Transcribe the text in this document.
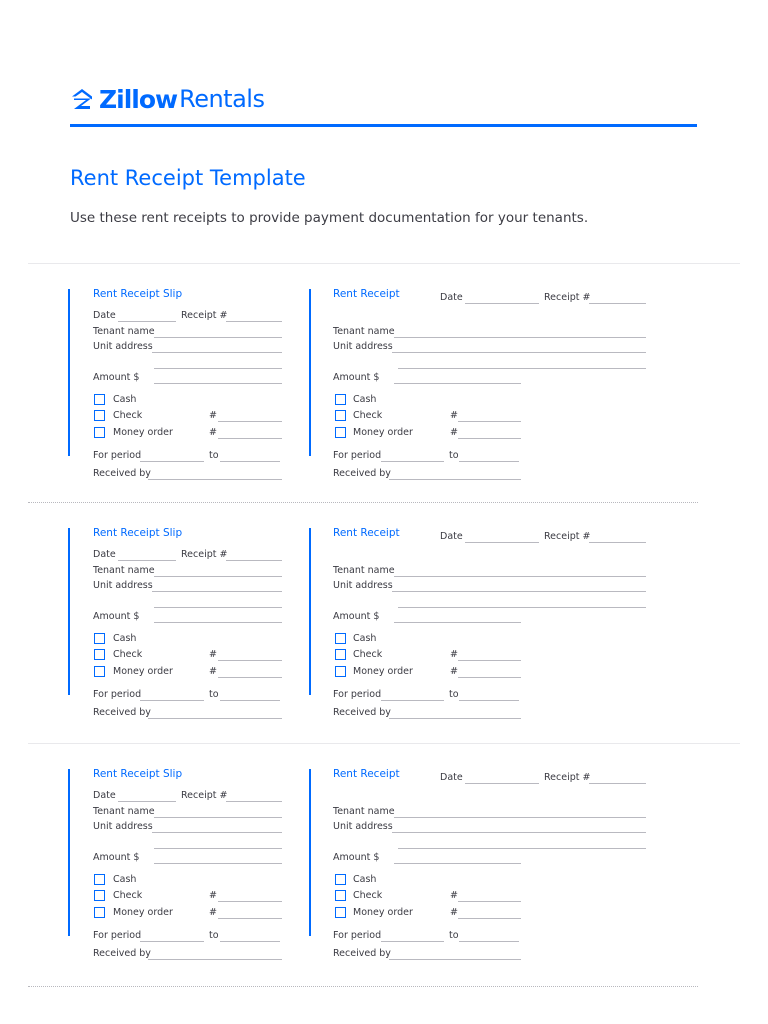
Zillow Rentals
Rent Receipt Template
Use these rent receipts to provide payment documentation for your tenants.
Rent Receipt Slip
Date	Receipt #
Tenant name
Unit address
Amount $
Cash
Check	#
Money order	#
For period	to
Received by
Rent Receipt	Date	Receipt #
Tenant name
Unit address
Amount $
Cash
Check	#
Money order	#
For period	to
Received by
Rent Receipt Slip
Date	Receipt #
Tenant name
Unit address
Amount $
Cash
Check	#
Money order	#
For period	to
Received by
Rent Receipt	Date	Receipt #
Tenant name
Unit address
Amount $
Cash
Check	#
Money order	#
For period	to
Received by
Rent Receipt Slip
Date	Receipt #
Tenant name
Unit address
Amount $
Cash
Check	#
Money order	#
For period	to
Received by
Rent Receipt	Date	Receipt #
Tenant name
Unit address
Amount $
Cash
Check	#
Money order	#
For period	to
Received by
